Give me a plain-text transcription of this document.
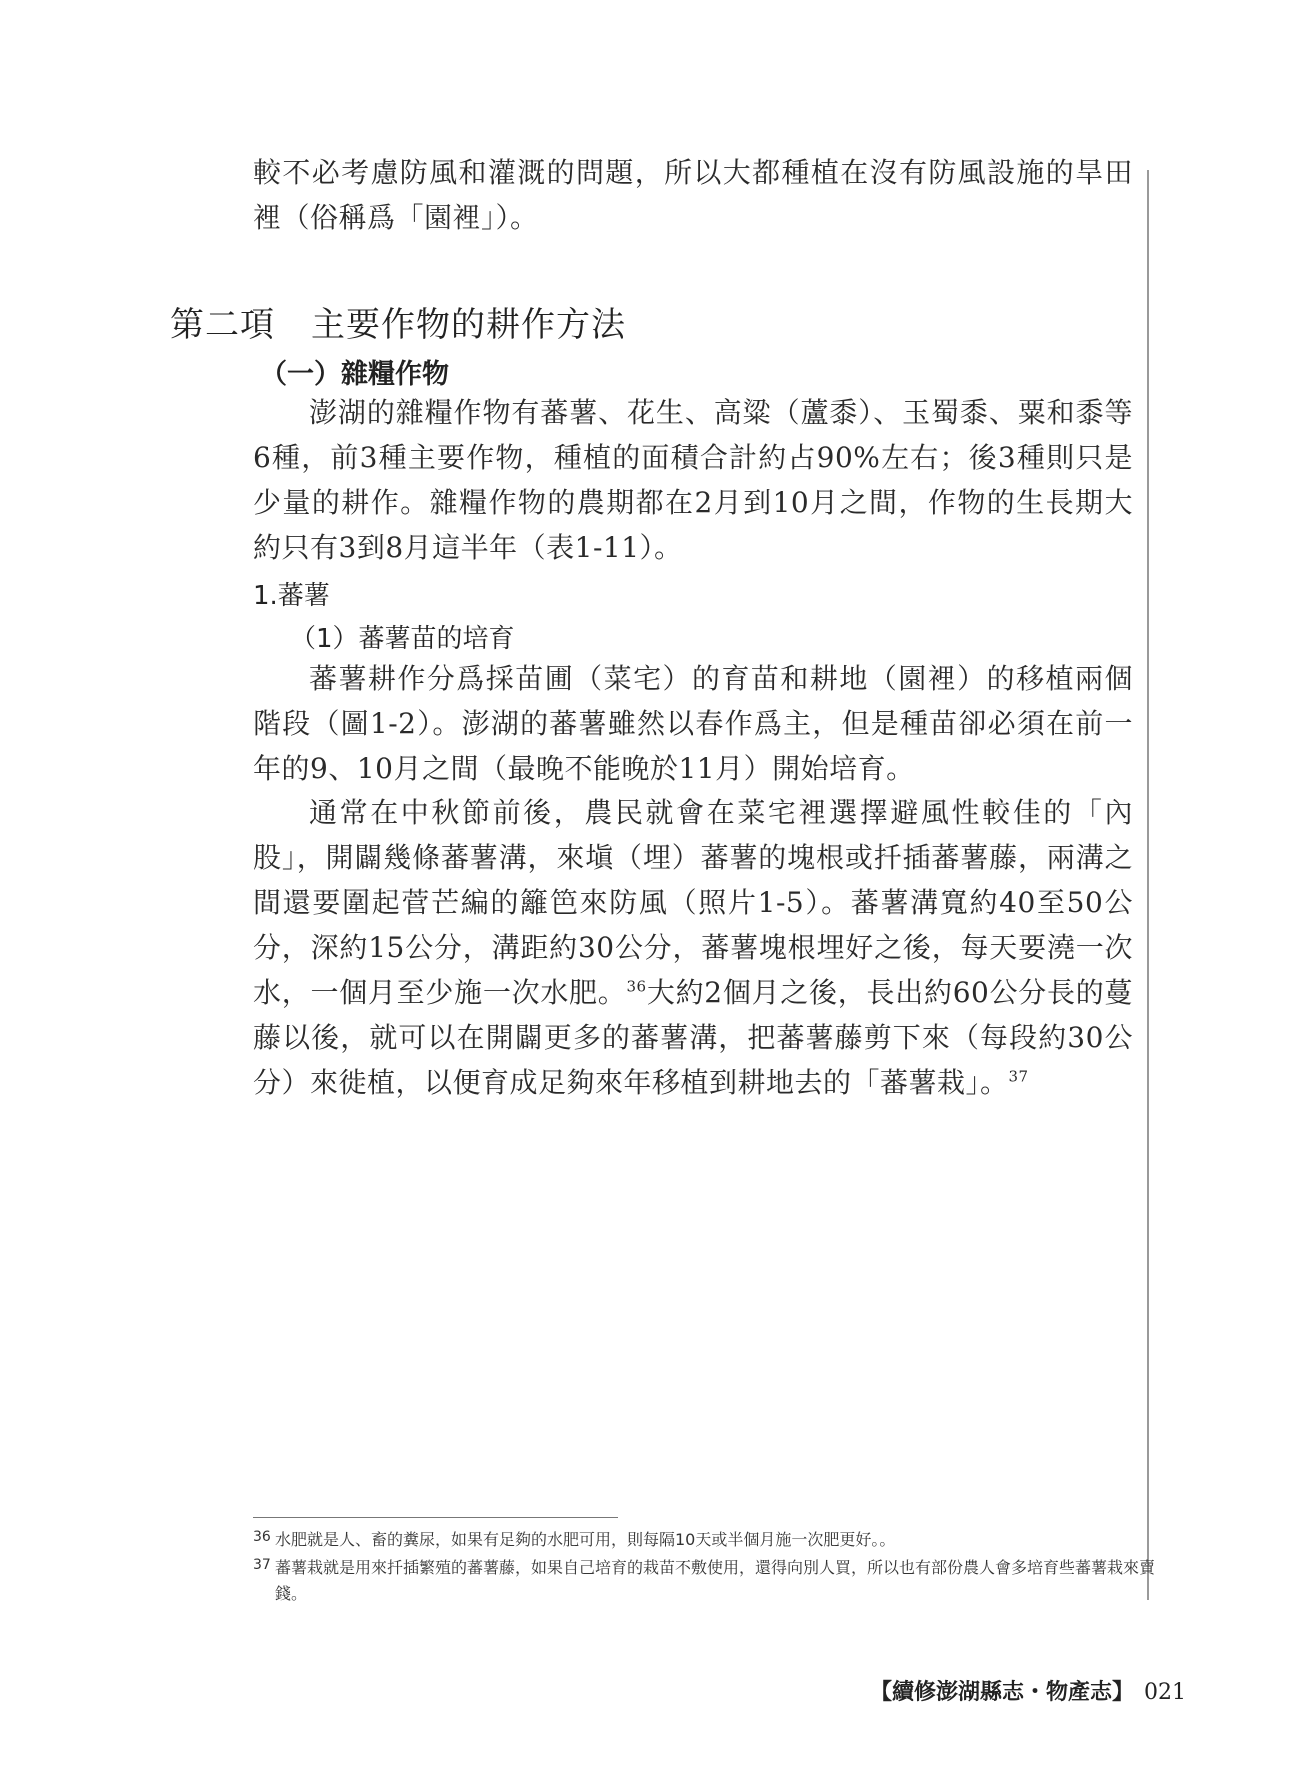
較不必考慮防風和灌溉的問題，所以大都種植在沒有防風設施的旱田裡（俗稱爲「園裡」）。

第二項 主要作物的耕作方法
（一）雜糧作物

澎湖的雜糧作物有蕃薯、花生、高粱（蘆黍）、玉蜀黍、粟和黍等6種，前3種主要作物，種植的面積合計約占90%左右；後3種則只是少量的耕作。雜糧作物的農期都在2月到10月之間，作物的生長期大約只有3到8月這半年（表1-11）。

1.蕃薯
（1）蕃薯苗的培育

蕃薯耕作分爲採苗圃（菜宅）的育苗和耕地（園裡）的移植兩個階段（圖1-2）。澎湖的蕃薯雖然以春作爲主，但是種苗卻必須在前一年的9、10月之間（最晚不能晚於11月）開始培育。

通常在中秋節前後，農民就會在菜宅裡選擇避風性較佳的「內股」，開闢幾條蕃薯溝，來塡（埋）蕃薯的塊根或扦插蕃薯藤，兩溝之間還要圍起菅芒編的籬笆來防風（照片1-5）。蕃薯溝寬約40至50公分，深約15公分，溝距約30公分，蕃薯塊根埋好之後，每天要澆一次水，一個月至少施一次水肥。$^{36}$大約2個月之後，長出約60公分長的蔓藤以後，就可以在開闢更多的蕃薯溝，把蕃薯藤剪下來（每段約30公分）來徙植，以便育成足夠來年移植到耕地去的「蕃薯栽」。$^{37}$

36 水肥就是人、畜的糞尿，如果有足夠的水肥可用，則每隔10天或半個月施一次肥更好。。

37 蕃薯栽就是用來扦插繁殖的蕃薯藤，如果自己培育的栽苗不敷使用，還得向別人買，所以也有部份農人會多培育些蕃薯栽來賣錢。

【續修澎湖縣志・物產志】 021
